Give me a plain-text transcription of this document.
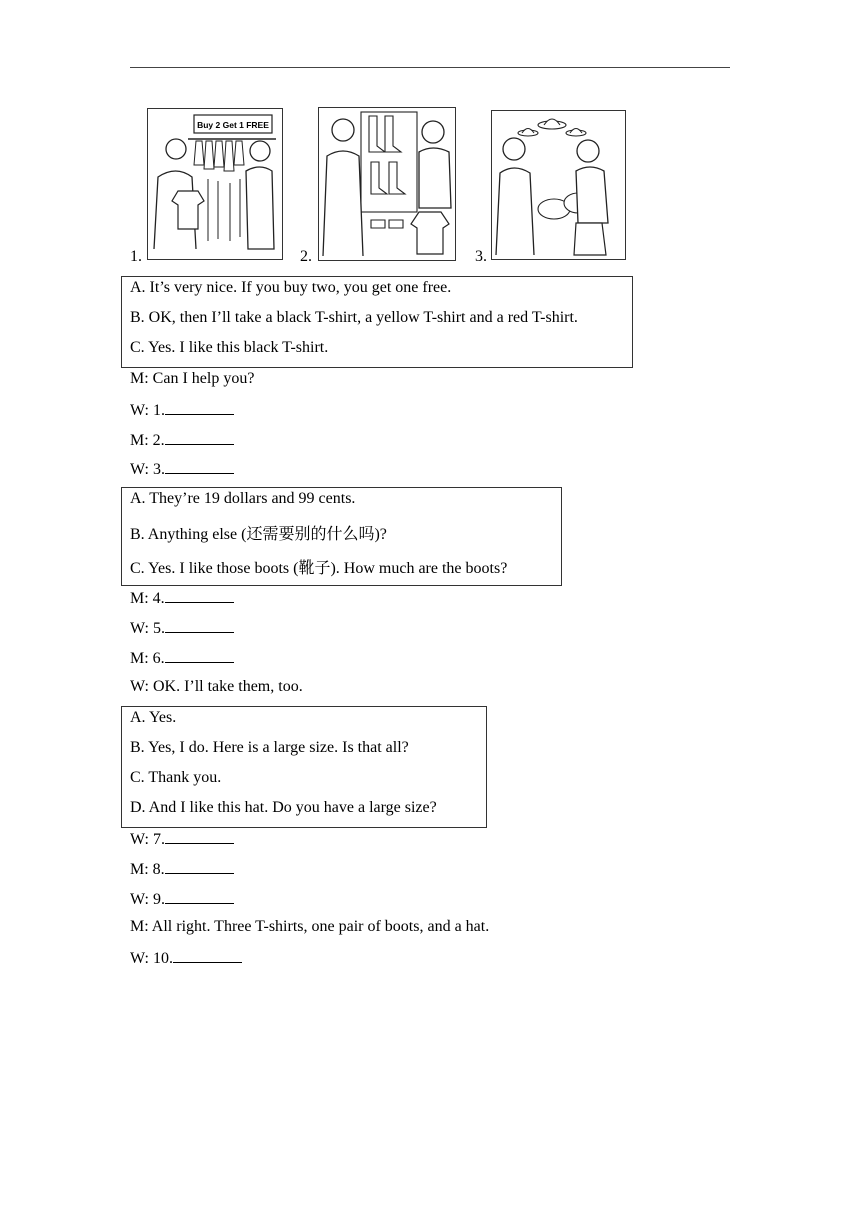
1.
Buy 2 Get 1 FREE
2.	3.
A. It’s very nice. If you buy two, you get one free.
B. OK, then I’ll take a black T-shirt, a yellow T-shirt and a red T-shirt.
C. Yes. I like this black T-shirt.
M: Can I help you?
W: 1.
M: 2.
W: 3.
A. They’re 19 dollars and 99 cents.
B. Anything else (还需要别的什么吗)?
C. Yes. I like those boots (靴子). How much are the boots?
M: 4.
W: 5.
M: 6.
W: OK. I’ll take them, too.
A. Yes.
B. Yes, I do. Here is a large size. Is that all?
C. Thank you.
D. And I like this hat. Do you have a large size?
W: 7.
M: 8.
W: 9.
M: All right. Three T-shirts, one pair of boots, and a hat.
W: 10.
